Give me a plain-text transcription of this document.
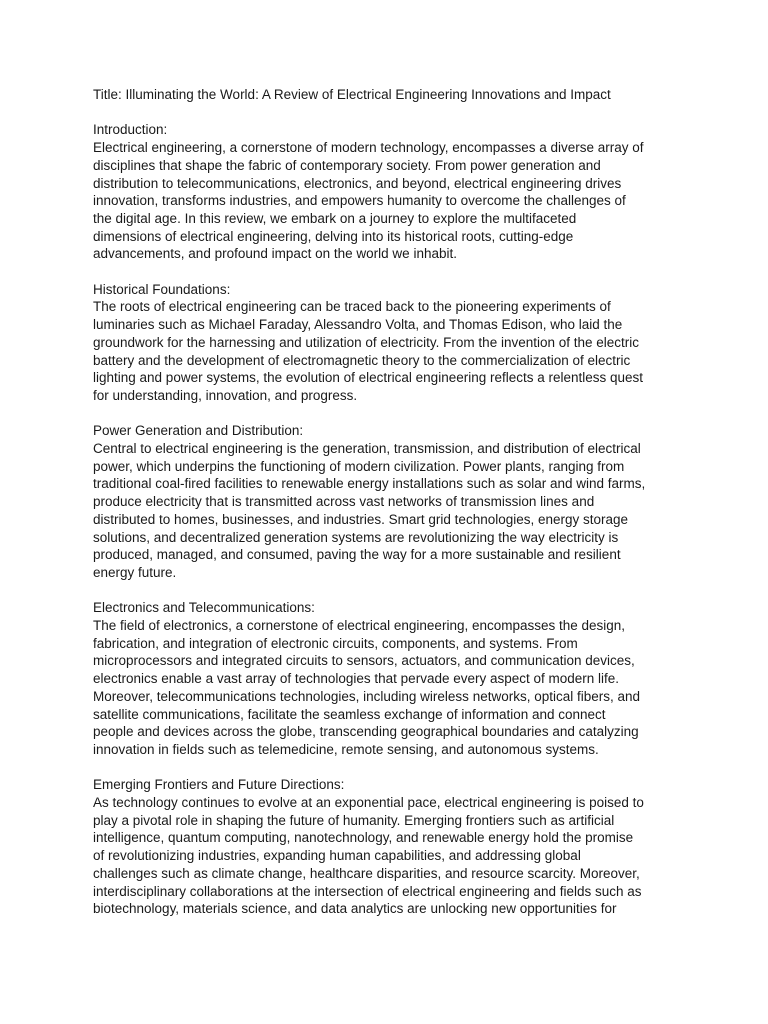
Title: Illuminating the World: A Review of Electrical Engineering Innovations and Impact

Introduction:

Electrical engineering, a cornerstone of modern technology, encompasses a diverse array of
disciplines that shape the fabric of contemporary society. From power generation and
distribution to telecommunications, electronics, and beyond, electrical engineering drives
innovation, transforms industries, and empowers humanity to overcome the challenges of
the digital age. In this review, we embark on a journey to explore the multifaceted
dimensions of electrical engineering, delving into its historical roots, cutting-edge
advancements, and profound impact on the world we inhabit.

Historical Foundations:

The roots of electrical engineering can be traced back to the pioneering experiments of
luminaries such as Michael Faraday, Alessandro Volta, and Thomas Edison, who laid the
groundwork for the harnessing and utilization of electricity. From the invention of the electric
battery and the development of electromagnetic theory to the commercialization of electric
lighting and power systems, the evolution of electrical engineering reflects a relentless quest
for understanding, innovation, and progress.

Power Generation and Distribution:

Central to electrical engineering is the generation, transmission, and distribution of electrical
power, which underpins the functioning of modern civilization. Power plants, ranging from
traditional coal-fired facilities to renewable energy installations such as solar and wind farms,
produce electricity that is transmitted across vast networks of transmission lines and
distributed to homes, businesses, and industries. Smart grid technologies, energy storage
solutions, and decentralized generation systems are revolutionizing the way electricity is
produced, managed, and consumed, paving the way for a more sustainable and resilient
energy future.

Electronics and Telecommunications:

The field of electronics, a cornerstone of electrical engineering, encompasses the design,
fabrication, and integration of electronic circuits, components, and systems. From
microprocessors and integrated circuits to sensors, actuators, and communication devices,
electronics enable a vast array of technologies that pervade every aspect of modern life.
Moreover, telecommunications technologies, including wireless networks, optical fibers, and
satellite communications, facilitate the seamless exchange of information and connect
people and devices across the globe, transcending geographical boundaries and catalyzing
innovation in fields such as telemedicine, remote sensing, and autonomous systems.

Emerging Frontiers and Future Directions:

As technology continues to evolve at an exponential pace, electrical engineering is poised to
play a pivotal role in shaping the future of humanity. Emerging frontiers such as artificial
intelligence, quantum computing, nanotechnology, and renewable energy hold the promise
of revolutionizing industries, expanding human capabilities, and addressing global
challenges such as climate change, healthcare disparities, and resource scarcity. Moreover,
interdisciplinary collaborations at the intersection of electrical engineering and fields such as
biotechnology, materials science, and data analytics are unlocking new opportunities for
